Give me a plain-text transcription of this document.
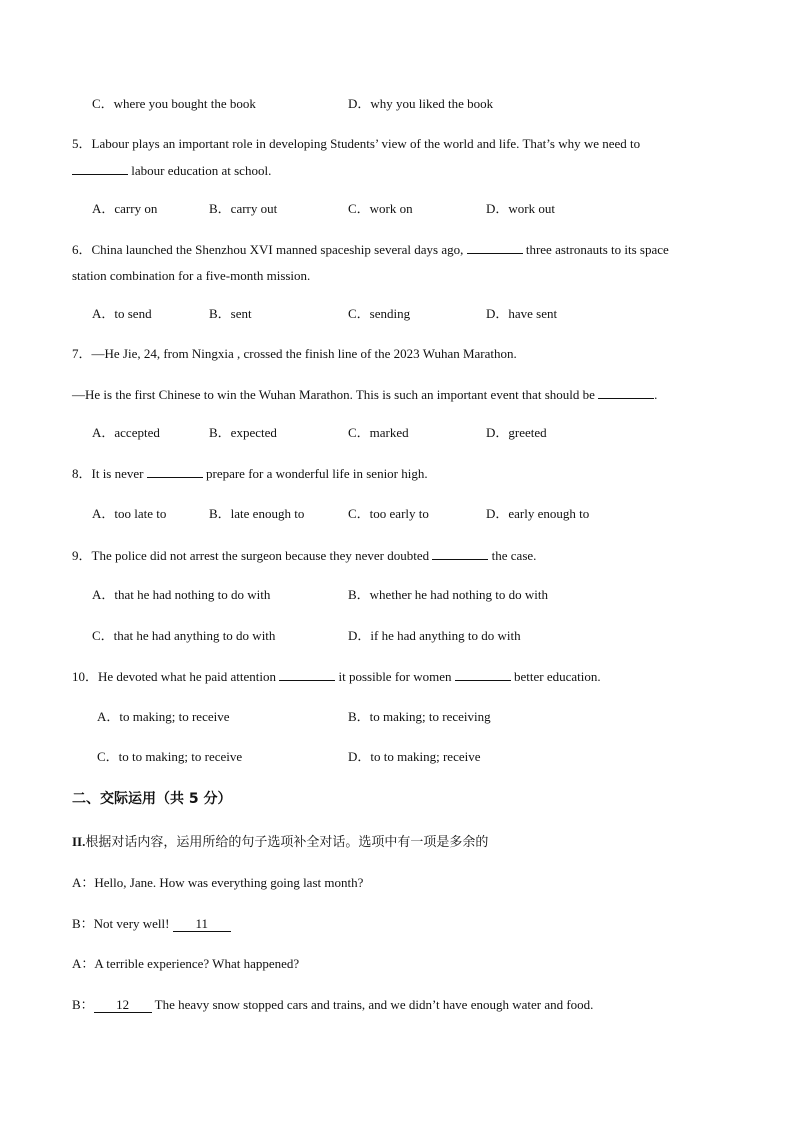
C．where you bought the book	D．why you liked the book
5．Labour plays an important role in developing Students’ view of the world and life. That’s why we need to
labour education at school.
A．carry on	B．carry out	C．work on	D．work out
6．China launched the Shenzhou XVI manned spaceship several days ago,	three astronauts to its space
station combination for a five-month mission.
A．to send	B．sent	C．sending	D．have sent
7．—He Jie, 24, from Ningxia , crossed the finish line of the 2023 Wuhan Marathon.
—He is the first Chinese to win the Wuhan Marathon. This is such an important event that should be	.
A．accepted	B．expected	C．marked	D．greeted
8．It is never	prepare for a wonderful life in senior high.
A．too late to	B．late enough to	C．too early to	D．early enough to
9．The police did not arrest the surgeon because they never doubted	the case.
A．that he had nothing to do with	B．whether he had nothing to do with
C．that he had anything to do with	D．if he had anything to do with
10．He devoted what he paid attention	it possible for women	better education.
A．to making; to receive	B．to making; to receiving
C．to to making; to receive	D．to to making; receive
二、交际运用（共 5 分）
II.根据对话内容，运用所给的句子选项补全对话。选项中有一项是多余的
A：Hello, Jane. How was everything going last month?
B：Not very well! 11
A：A terrible experience? What happened?
B： 12 The heavy snow stopped cars and trains, and we didn’t have enough water and food.
